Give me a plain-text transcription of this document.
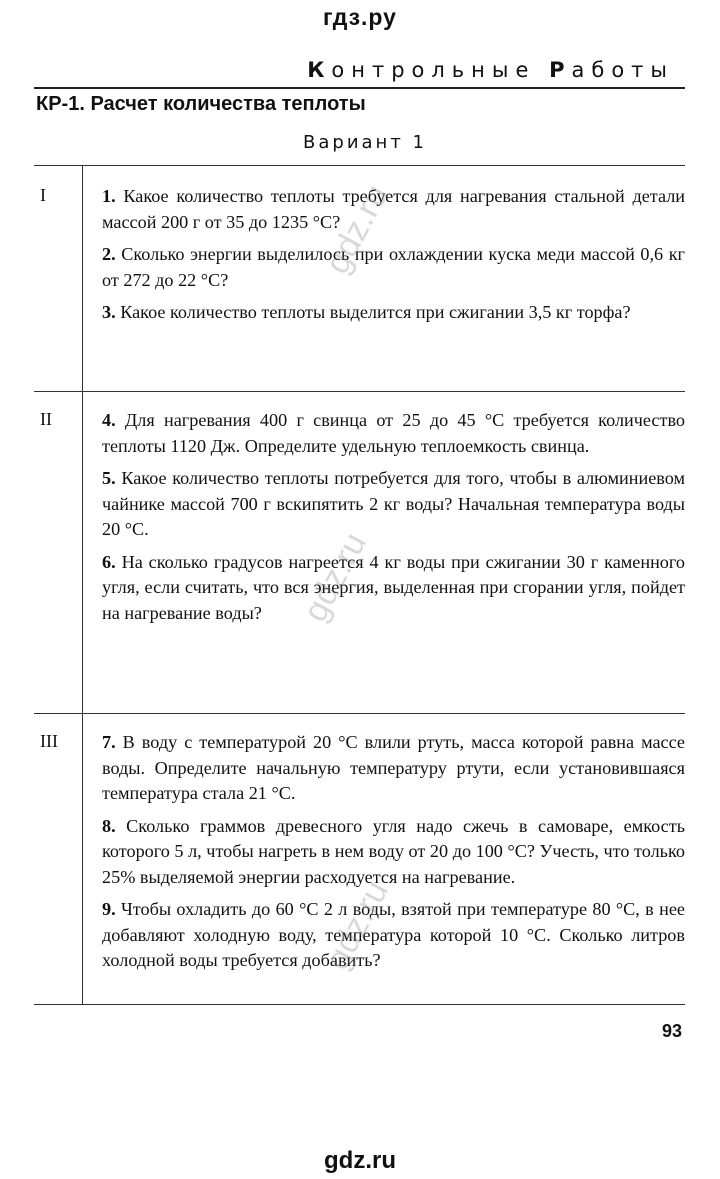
гдз.ру
Контрольные Работы
КР-1. Расчет количества теплоты
Вариант 1
I	1. Какое количество теплоты требуется для нагревания стальной детали массой 200 г от 35 до 1235 °С?

2. Сколько энергии выделилось при охлаждении куска меди массой 0,6 кг от 272 до 22 °С?

3. Какое количество теплоты выделится при сжигании 3,5 кг торфа?

II	4. Для нагревания 400 г свинца от 25 до 45 °С требуется количество теплоты 1120 Дж. Определите удельную теплоемкость свинца.

5. Какое количество теплоты потребуется для того, чтобы в алюминиевом чайнике массой 700 г вскипятить 2 кг воды? Начальная температура воды 20 °С.

6. На сколько градусов нагреется 4 кг воды при сжигании 30 г каменного угля, если считать, что вся энергия, выделенная при сгорании угля, пойдет на нагревание воды?

III	7. В воду с температурой 20 °С влили ртуть, масса которой равна массе воды. Определите начальную температуру ртути, если установившаяся температура стала 21 °С.

8. Сколько граммов древесного угля надо сжечь в самоваре, емкость которого 5 л, чтобы нагреть в нем воду от 20 до 100 °С? Учесть, что только 25% выделяемой энергии расходуется на нагревание.

9. Чтобы охладить до 60 °С 2 л воды, взятой при температуре 80 °С, в нее добавляют холодную воду, температура которой 10 °С. Сколько литров холодной воды требуется добавить?

93
gdz.ru
gdz.ru
gdz.ru
gdz.ru
